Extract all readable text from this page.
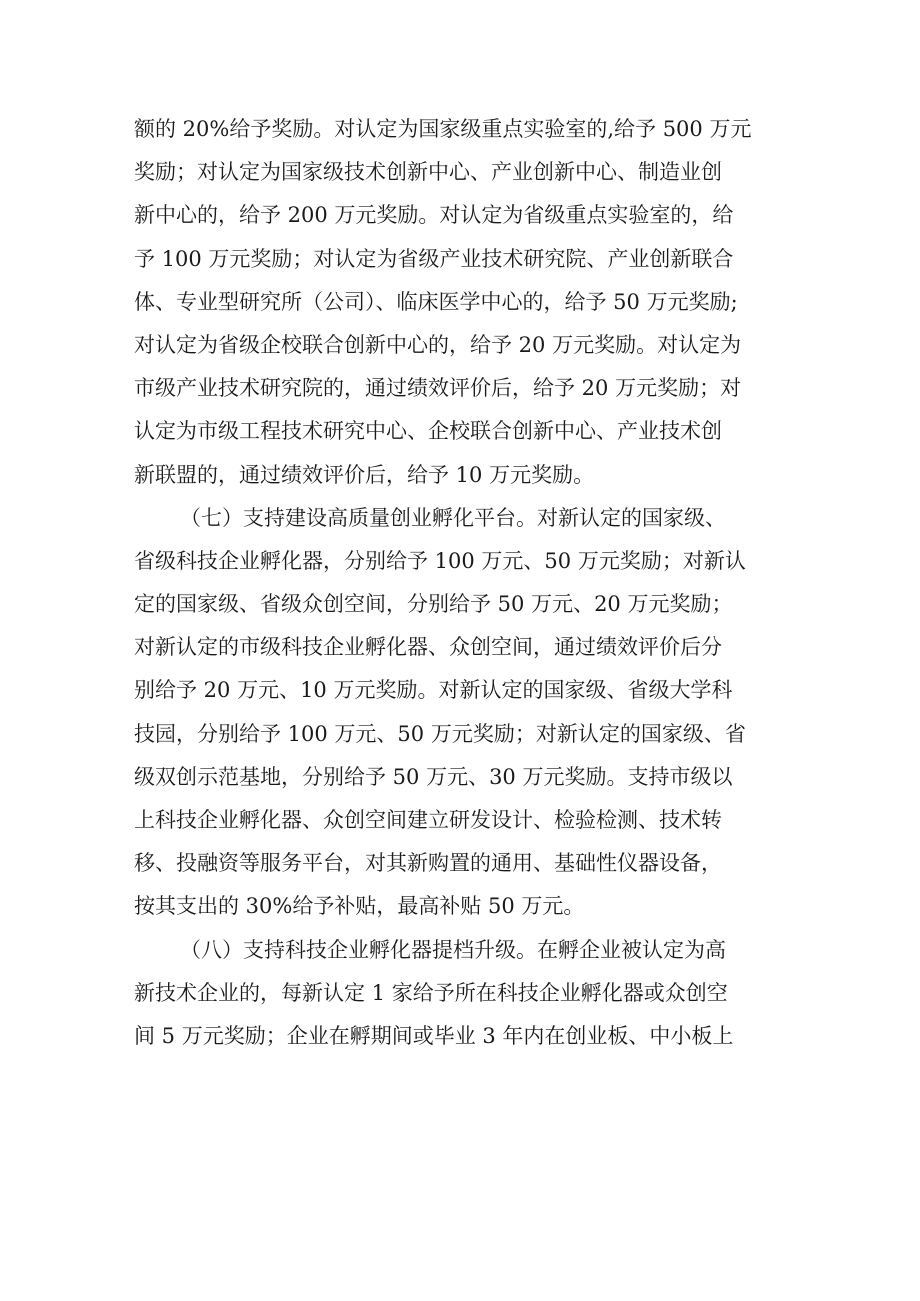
额的 20%给予奖励。对认定为国家级重点实验室的,给予 500 万元
奖励；对认定为国家级技术创新中心、产业创新中心、制造业创
新中心的，给予 200 万元奖励。对认定为省级重点实验室的，给
予 100 万元奖励；对认定为省级产业技术研究院、产业创新联合
体、专业型研究所（公司）、临床医学中心的，给予 50 万元奖励;
对认定为省级企校联合创新中心的，给予 20 万元奖励。对认定为
市级产业技术研究院的，通过绩效评价后，给予 20 万元奖励；对
认定为市级工程技术研究中心、企校联合创新中心、产业技术创
新联盟的，通过绩效评价后，给予 10 万元奖励。
（七）支持建设高质量创业孵化平台。对新认定的国家级、
省级科技企业孵化器，分别给予 100 万元、50 万元奖励；对新认
定的国家级、省级众创空间，分别给予 50 万元、20 万元奖励；
对新认定的市级科技企业孵化器、众创空间，通过绩效评价后分
别给予 20 万元、10 万元奖励。对新认定的国家级、省级大学科
技园，分别给予 100 万元、50 万元奖励；对新认定的国家级、省
级双创示范基地，分别给予 50 万元、30 万元奖励。支持市级以
上科技企业孵化器、众创空间建立研发设计、检验检测、技术转
移、投融资等服务平台，对其新购置的通用、基础性仪器设备，
按其支出的 30%给予补贴，最高补贴 50 万元。
（八）支持科技企业孵化器提档升级。在孵企业被认定为高
新技术企业的，每新认定 1 家给予所在科技企业孵化器或众创空
间 5 万元奖励；企业在孵期间或毕业 3 年内在创业板、中小板上
